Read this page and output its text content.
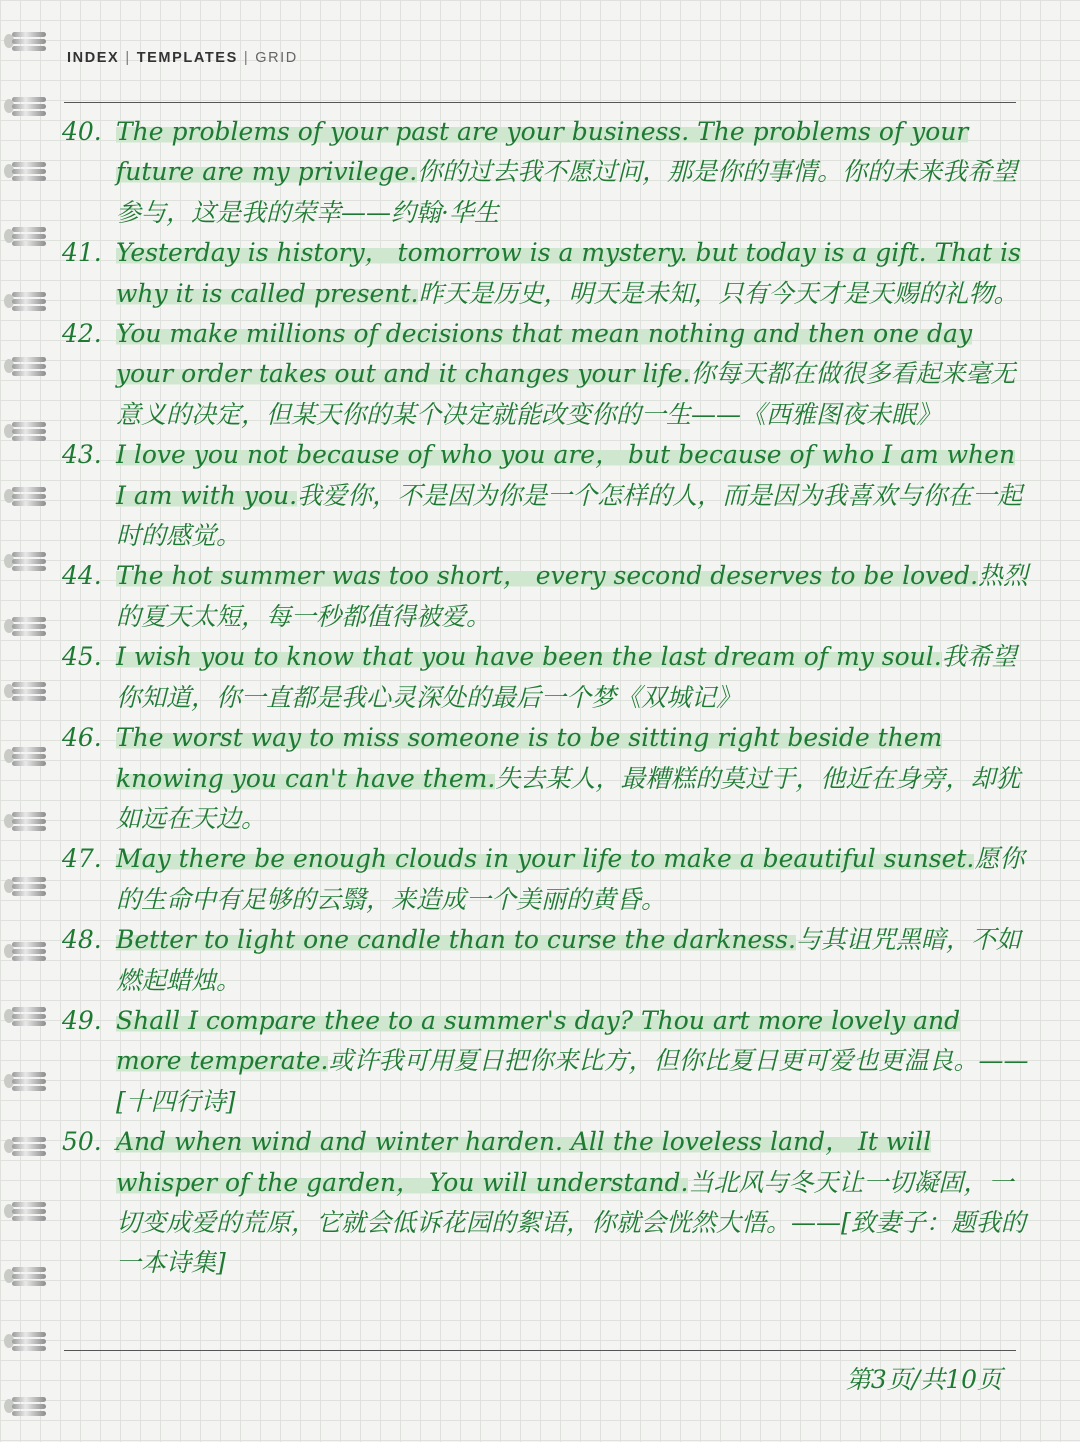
INDEX | TEMPLATES | GRID
40. The problems of your past are your business. The problems of your future are my privilege.你的过去我不愿过问，那是你的事情。你的未来我希望参与，这是我的荣幸——约翰·华生
41. Yesterday is history， tomorrow is a mystery. but today is a gift. That is why it is called present.昨天是历史，明天是未知，只有今天才是天赐的礼物。
42. You make millions of decisions that mean nothing and then one day your order takes out and it changes your life.你每天都在做很多看起来毫无意义的决定，但某天你的某个决定就能改变你的一生——《西雅图夜未眠》
43. I love you not because of who you are， but because of who I am when I am with you.我爱你，不是因为你是一个怎样的人，而是因为我喜欢与你在一起时的感觉。
44. The hot summer was too short， every second deserves to be loved.热烈的夏天太短，每一秒都值得被爱。
45. I wish you to know that you have been the last dream of my soul.我希望你知道，你一直都是我心灵深处的最后一个梦《双城记》
46. The worst way to miss someone is to be sitting right beside them knowing you can't have them.失去某人，最糟糕的莫过于，他近在身旁，却犹如远在天边。
47. May there be enough clouds in your life to make a beautiful sunset.愿你的生命中有足够的云翳，来造成一个美丽的黄昏。
48. Better to light one candle than to curse the darkness.与其诅咒黑暗，不如燃起蜡烛。
49. Shall I compare thee to a summer's day? Thou art more lovely and more temperate.或许我可用夏日把你来比方，但你比夏日更可爱也更温良。——[十四行诗]
50. And when wind and winter harden. All the loveless land， It will whisper of the garden， You will understand.当北风与冬天让一切凝固，一切变成爱的荒原，它就会低诉花园的絮语，你就会恍然大悟。——[致妻子：题我的一本诗集]
第3页/共10页
